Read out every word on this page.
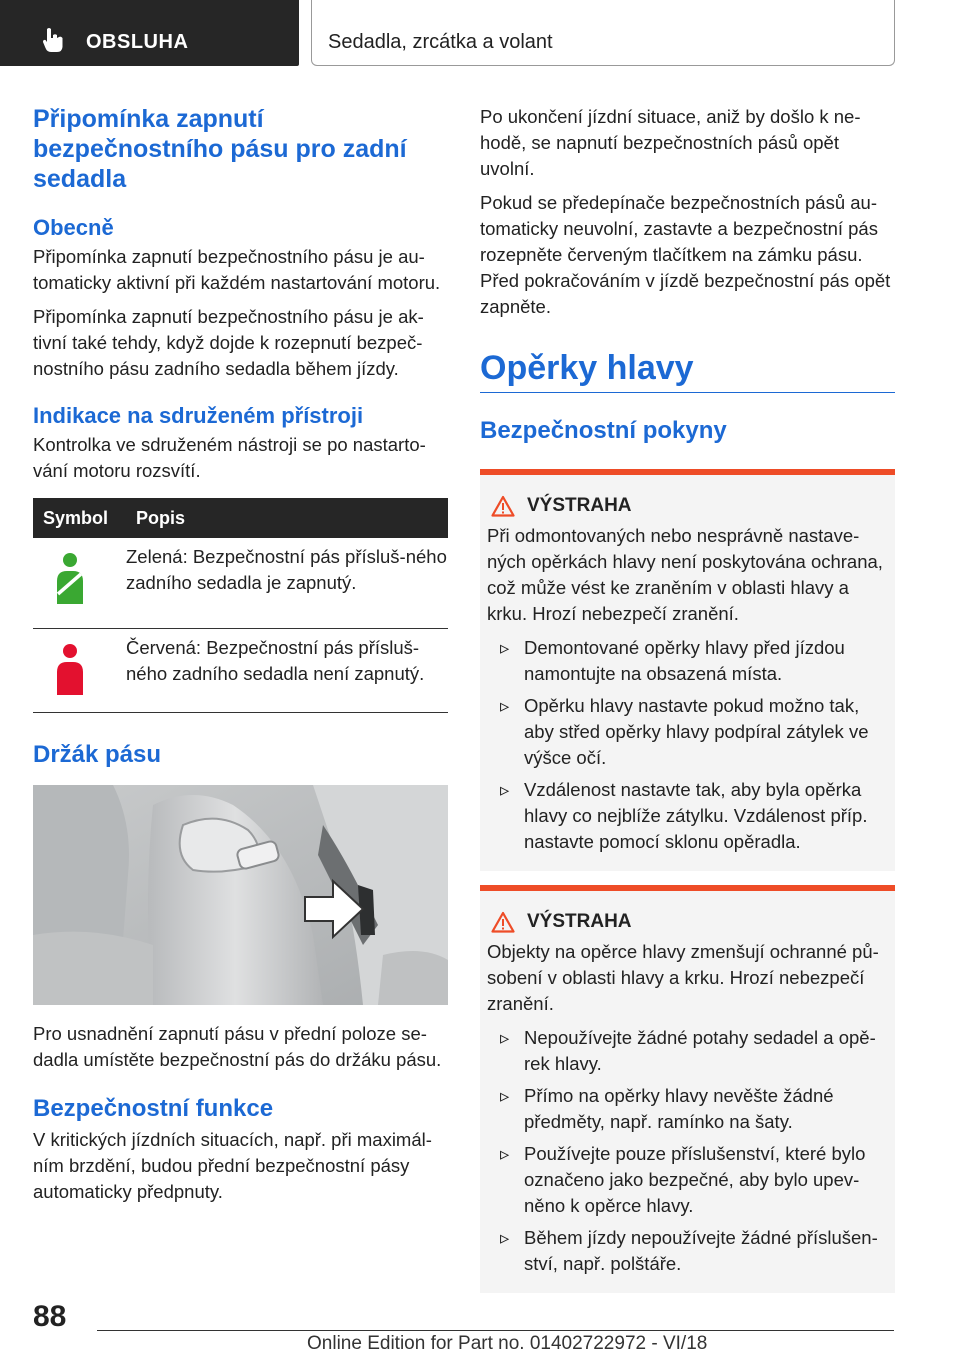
OBSLUHA	Sedadla, zrcátka a volant
Připomínka zapnutí bezpečnostního pásu pro zadní sedadla
Obecně
Připomínka zapnutí bezpečnostního pásu je au-tomaticky aktivní při každém nastartování motoru.
Připomínka zapnutí bezpečnostního pásu je ak-tivní také tehdy, když dojde k rozepnutí bezpeč-nostního pásu zadního sedadla během jízdy.
Indikace na sdruženém přístroji
Kontrolka ve sdruženém nástroji se po nastarto-vání motoru rozsvítí.
Symbol	Popis
	Zelená: Bezpečnostní pás přísluš-ného zadního sedadla je zapnutý.
	Červená: Bezpečnostní pás přísluš-ného zadního sedadla není zapnutý.
Držák pásu
Pro usnadnění zapnutí pásu v přední poloze se-dadla umístěte bezpečnostní pás do držáku pásu.
Bezpečnostní funkce
V kritických jízdních situacích, např. při maximál-ním brzdění, budou přední bezpečnostní pásy automaticky předpnuty.
Po ukončení jízdní situace, aniž by došlo k ne-hodě, se napnutí bezpečnostních pásů opět uvolní.
Pokud se předepínače bezpečnostních pásů au-tomaticky neuvolní, zastavte a bezpečnostní pás rozepněte červeným tlačítkem na zámku pásu. Před pokračováním v jízdě bezpečnostní pás opět zapněte.
Opěrky hlavy
Bezpečnostní pokyny
VÝSTRAHA
Při odmontovaných nebo nesprávně nastave-ných opěrkách hlavy není poskytována ochrana, což může vést ke zraněním v oblasti hlavy a krku. Hrozí nebezpečí zranění.
▹ Demontované opěrky hlavy před jízdou namontujte na obsazená místa.
▹ Opěrku hlavy nastavte pokud možno tak, aby střed opěrky hlavy podpíral zátylek ve výšce očí.
▹ Vzdálenost nastavte tak, aby byla opěrka hlavy co nejblíže zátylku. Vzdálenost příp. nastavte pomocí sklonu opěradla.
VÝSTRAHA
Objekty na opěrce hlavy zmenšují ochranné pů-sobení v oblasti hlavy a krku. Hrozí nebezpečí zranění.
▹ Nepoužívejte žádné potahy sedadel a opě-rek hlavy.
▹ Přímo na opěrky hlavy nevěšte žádné předměty, např. ramínko na šaty.
▹ Používejte pouze příslušenství, které bylo označeno jako bezpečné, aby bylo upev-něno k opěrce hlavy.
▹ Během jízdy nepoužívejte žádné příslušen-ství, např. polštáře.
88
Online Edition for Part no. 01402722972 - VI/18
